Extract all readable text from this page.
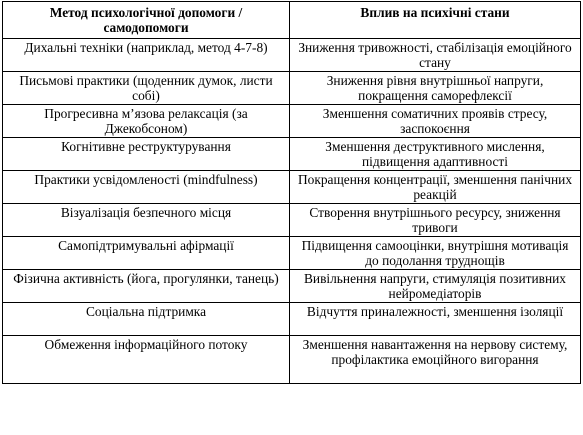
Метод психологічної допомоги / самодопомоги	Вплив на психічні стани
Дихальні техніки (наприклад, метод 4-7-8)	Зниження тривожності, стабілізація емоційного стану
Письмові практики (щоденник думок, листи собі)	Зниження рівня внутрішньої напруги, покращення саморефлексії
Прогресивна м’язова релаксація (за Джекобсоном)	Зменшення соматичних проявів стресу, заспокоєння
Когнітивне реструктурування	Зменшення деструктивного мислення, підвищення адаптивності
Практики усвідомленості (mindfulness)	Покращення концентрації, зменшення панічних реакцій
Візуалізація безпечного місця	Створення внутрішнього ресурсу, зниження тривоги
Самопідтримувальні афірмації	Підвищення самооцінки, внутрішня мотивація до подолання труднощів
Фізична активність (йога, прогулянки, танець)	Вивільнення напруги, стимуляція позитивних нейромедіаторів
Соціальна підтримка	Відчуття приналежності, зменшення ізоляції
Обмеження інформаційного потоку	Зменшення навантаження на нервову систему, профілактика емоційного вигорання
